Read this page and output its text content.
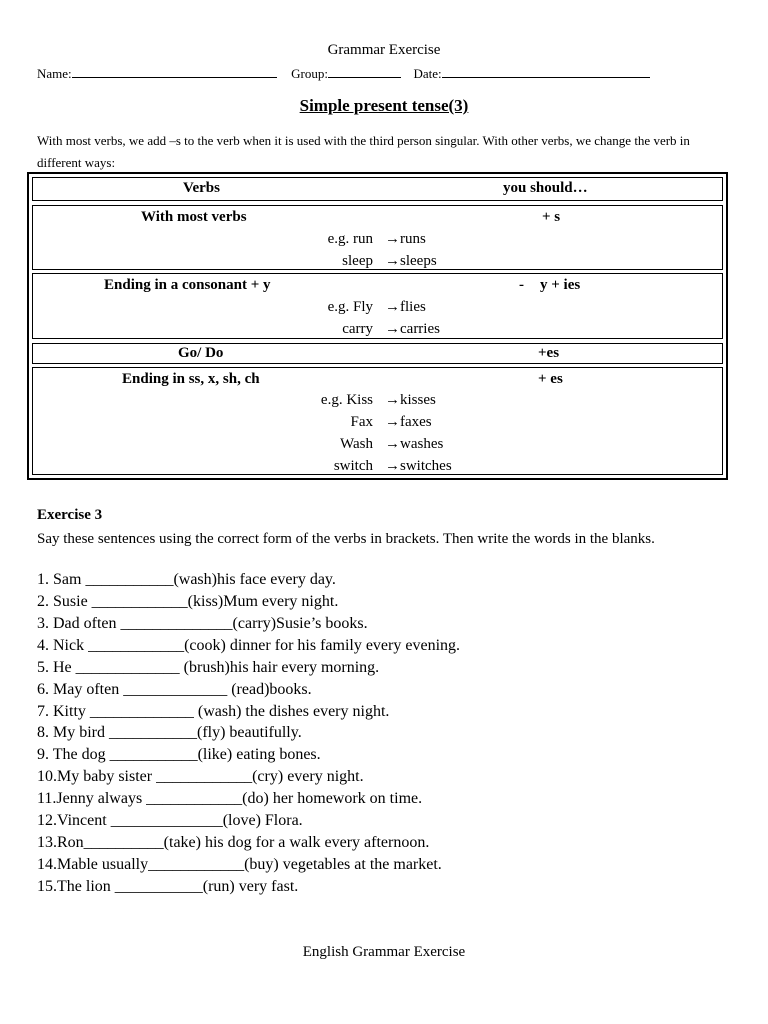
Grammar Exercise
Name:	Group:	Date:
Simple present tense(3)
With most verbs, we add –s to the verb when it is used with the third person singular. With other verbs, we change the verb in different ways:
Verbs	you should…
With most verbs	+ s
e.g. run →runs
sleep →sleeps
Ending in a consonant + y	- y + ies
e.g. Fly →flies
carry →carries
Go/ Do	+es
Ending in ss, x, sh, ch	+ es
e.g. Kiss →kisses
Fax →faxes
Wash →washes
switch →switches
Exercise 3
Say these sentences using the correct form of the verbs in brackets. Then write the words in the blanks.
1. Sam ___________(wash)his face every day.
2. Susie ____________(kiss)Mum every night.
3. Dad often ______________(carry)Susie’s books.
4. Nick ____________(cook) dinner for his family every evening.
5. He _____________ (brush)his hair every morning.
6. May often _____________ (read)books.
7. Kitty _____________ (wash) the dishes every night.
8. My bird ___________(fly) beautifully.
9. The dog ___________(like) eating bones.
10.My baby sister ____________(cry) every night.
11.Jenny always ____________(do) her homework on time.
12.Vincent ______________(love) Flora.
13.Ron__________(take) his dog for a walk every afternoon.
14.Mable usually____________(buy) vegetables at the market.
15.The lion ___________(run) very fast.
English Grammar Exercise
